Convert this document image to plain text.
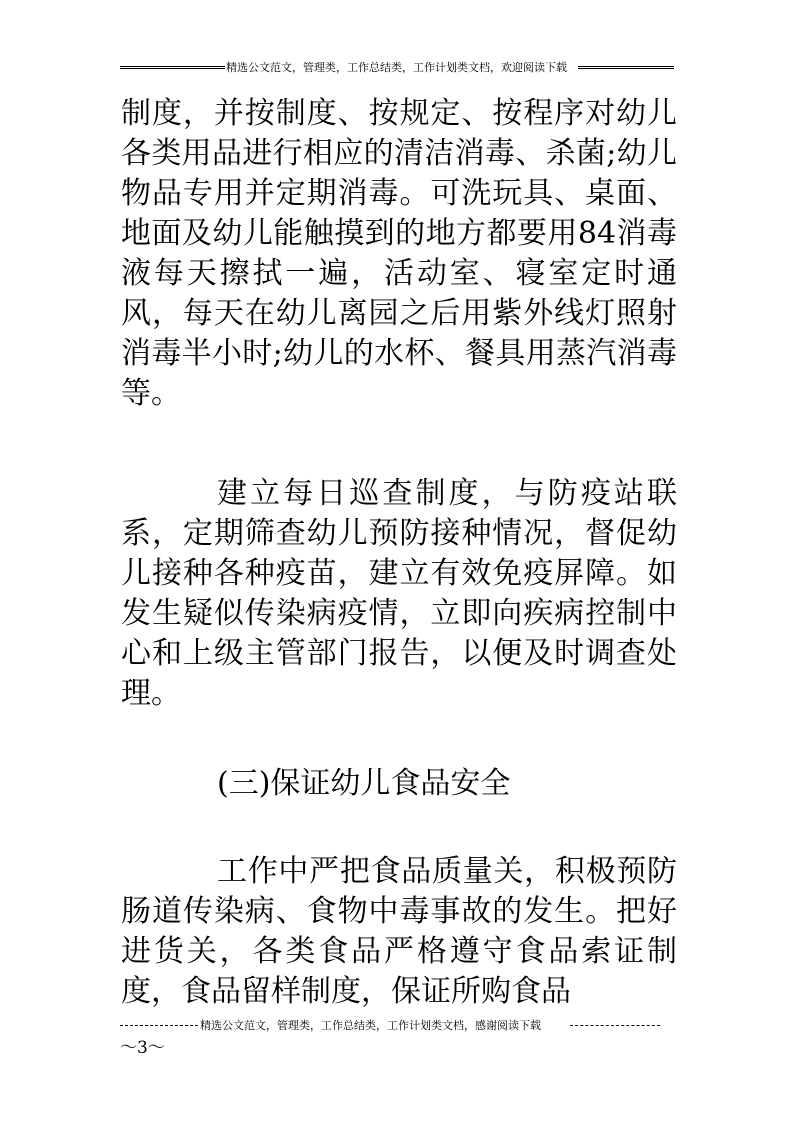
精选公文范文，管理类，工作总结类，工作计划类文档，欢迎阅读下载

制度，并按制度、按规定、按程序对幼儿各类用品进行相应的清洁消毒、杀菌;幼儿物品专用并定期消毒。可洗玩具、桌面、地面及幼儿能触摸到的地方都要用84消毒液每天擦拭一遍，活动室、寝室定时通风，每天在幼儿离园之后用紫外线灯照射消毒半小时;幼儿的水杯、餐具用蒸汽消毒等。

建立每日巡查制度，与防疫站联系，定期筛查幼儿预防接种情况，督促幼儿接种各种疫苗，建立有效免疫屏障。如发生疑似传染病疫情，立即向疾病控制中心和上级主管部门报告，以便及时调查处理。

(三)保证幼儿食品安全

工作中严把食品质量关，积极预防肠道传染病、食物中毒事故的发生。把好进货关，各类食品严格遵守食品索证制度，食品留样制度，保证所购食品

精选公文范文，管理类，工作总结类，工作计划类文档，感谢阅读下载
～3～
